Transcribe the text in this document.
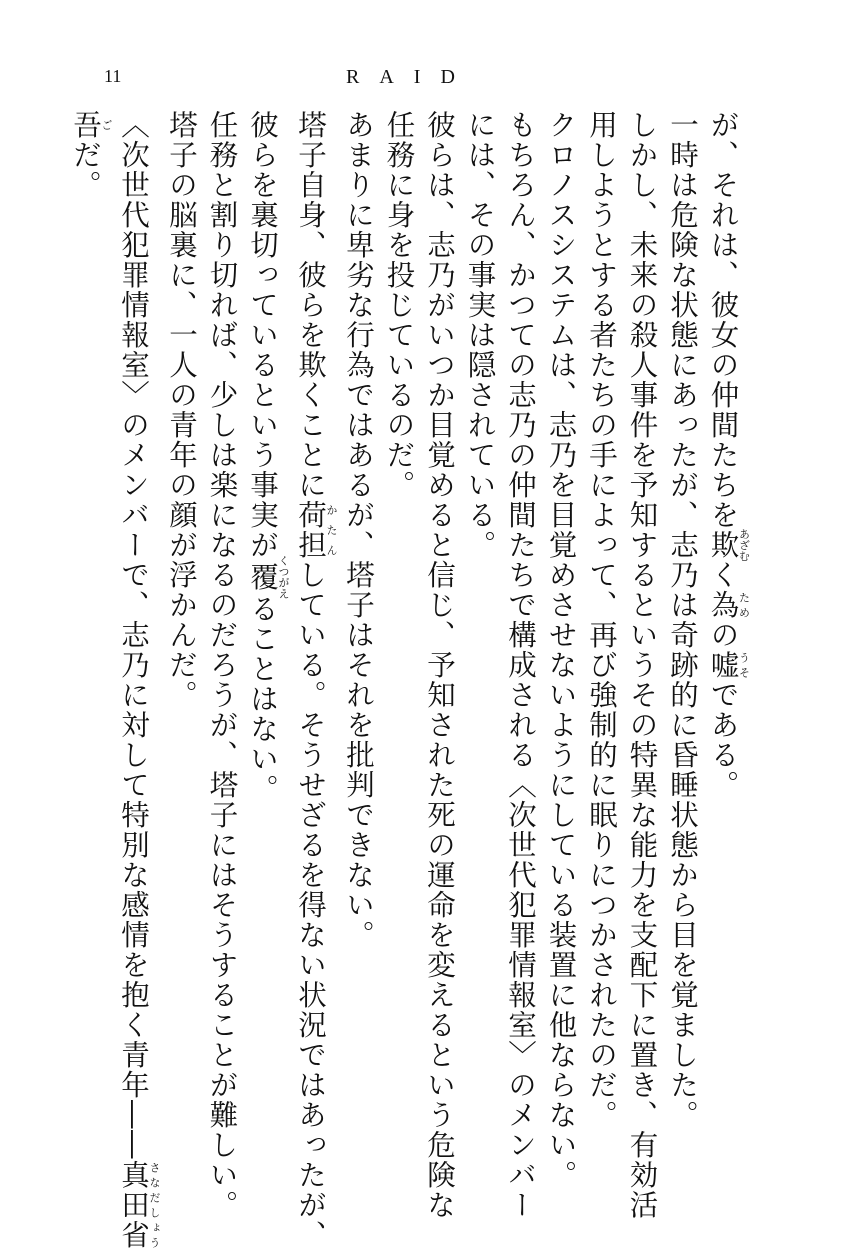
11	RAID

が、それは、彼女の仲間たちを欺あざむく為ための嘘うそである。

一時は危険な状態にあったが、志乃は奇跡的に昏睡状態から目を覚ました。

しかし、未来の殺人事件を予知するというその特異な能力を支配下に置き、有効活

用しようとする者たちの手によって、再び強制的に眠りにつかされたのだ。

クロノスシステムは、志乃を目覚めさせないようにしている装置に他ならない。

もちろん、かつての志乃の仲間たちで構成される〈次世代犯罪情報室〉のメンバー

には、その事実は隠されている。

彼らは、志乃がいつか目覚めると信じ、予知された死の運命を変えるという危険な

任務に身を投じているのだ。

あまりに卑劣な行為ではあるが、塔子はそれを批判できない。

塔子自身、彼らを欺くことに荷担かたんしている。そうせざるを得ない状況ではあったが、

彼らを裏切っているという事実が覆くつがえることはない。

任務と割り切れば、少しは楽になるのだろうが、塔子にはそうすることが難しい。

塔子の脳裏に、一人の青年の顔が浮かんだ。

〈次世代犯罪情報室〉のメンバーで、志乃に対して特別な感情を抱く青年――真田省さなだしょう

吾ごだ。
